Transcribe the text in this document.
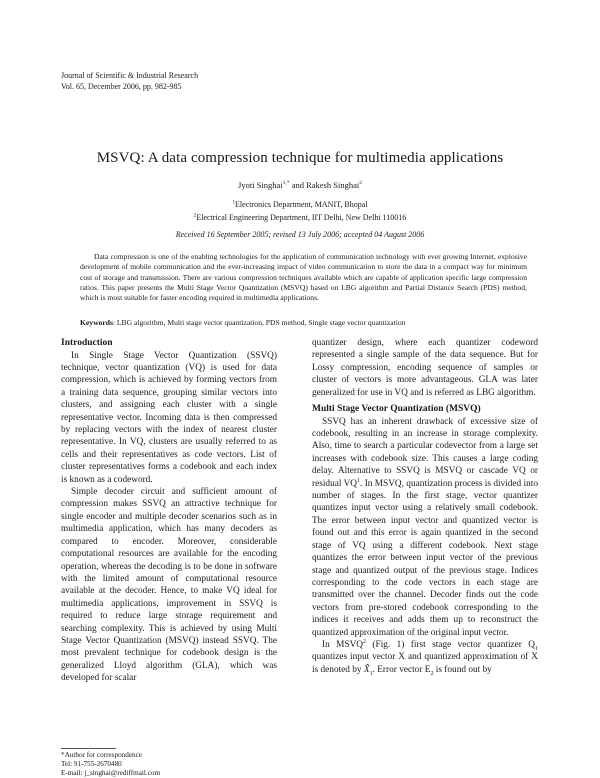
Journal of Scientific & Industrial Research
Vol. 65, December 2006, pp. 982-985
MSVQ: A data compression technique for multimedia applications
Jyoti Singhai$^{1,*}$ and Rakesh Singhai$^2$
$^1$Electronics Department, MANIT, Bhopal
$^2$Electrical Engineering Department, IIT Delhi, New Delhi 110016
Received 16 September 2005; revised 13 July 2006; accepted 04 August 2006

Data compression is one of the enabling technologies for the application of communication technology with ever growing Internet, explosive development of mobile communication and the ever-increasing impact of video communication to store the data in a compact way for minimum cost of storage and transmission. There are various compression techniques available which are capable of application specific large compression ratios. This paper presents the Multi Stage Vector Quantization (MSVQ) based on LBG algorithm and Partial Distance Search (PDS) method, which is most suitable for faster encoding required in multimedia applications.

Keywords: LBG algorithm, Multi stage vector quantization, PDS method, Single stage vector quantization
Introduction

In Single Stage Vector Quantization (SSVQ) technique, vector quantization (VQ) is used for data compression, which is achieved by forming vectors from a training data sequence, grouping similar vectors into clusters, and assigning each cluster with a single representative vector. Incoming data is then compressed by replacing vectors with the index of nearest cluster representative. In VQ, clusters are usually referred to as cells and their representatives as code vectors. List of cluster representatives forms a codebook and each index is known as a codeword.

Simple decoder circuit and sufficient amount of compression makes SSVQ an attractive technique for single encoder and multiple decoder scenarios such as in multimedia application, which has many decoders as compared to encoder. Moreover, considerable computational resources are available for the encoding operation, whereas the decoding is to be done in software with the limited amount of computational resource available at the decoder. Hence, to make VQ ideal for multimedia applications, improvement in SSVQ is required to reduce large storage requirement and searching complexity. This is achieved by using Multi Stage Vector Quantization (MSVQ) instead SSVQ. The most prevalent technique for codebook design is the generalized Lloyd algorithm (GLA), which was developed for scalar

quantizer design, where each quantizer codeword represented a single sample of the data sequence. But for Lossy compression, encoding sequence of samples or cluster of vectors is more advantageous. GLA was later generalized for use in VQ and is referred as LBG algorithm.

Multi Stage Vector Quantization (MSVQ)

SSVQ has an inherent drawback of excessive size of codebook, resulting in an increase in storage complexity. Also, time to search a particular codevector from a large set increases with codebook size. This causes a large coding delay. Alternative to SSVQ is MSVQ or cascade VQ or residual $VQ^1$. In MSVQ, quantization process is divided into number of stages. In the first stage, vector quantizer quantizes input vector using a relatively small codebook. The error between input vector and quantized vector is found out and this error is again quantized in the second stage of VQ using a different codebook. Next stage quantizes the error between input vector of the previous stage and quantized output of the previous stage. Indices corresponding to the code vectors in each stage are transmitted over the channel. Decoder finds out the code vectors from pre-stored codebook corresponding to the indices it receives and adds them up to reconstruct the quantized approximation of the original input vector.

In MSVQ$^2$ (Fig. 1) first stage vector quantizer $Q_1$ quantizes input vector X and quantized approximation of X is denoted by $X̂_1$. Error vector $E_2$ is found out by

*Author for correspondence
Tel: 91-755-2670480
E-mail: j_singhai@rediffmail.com
